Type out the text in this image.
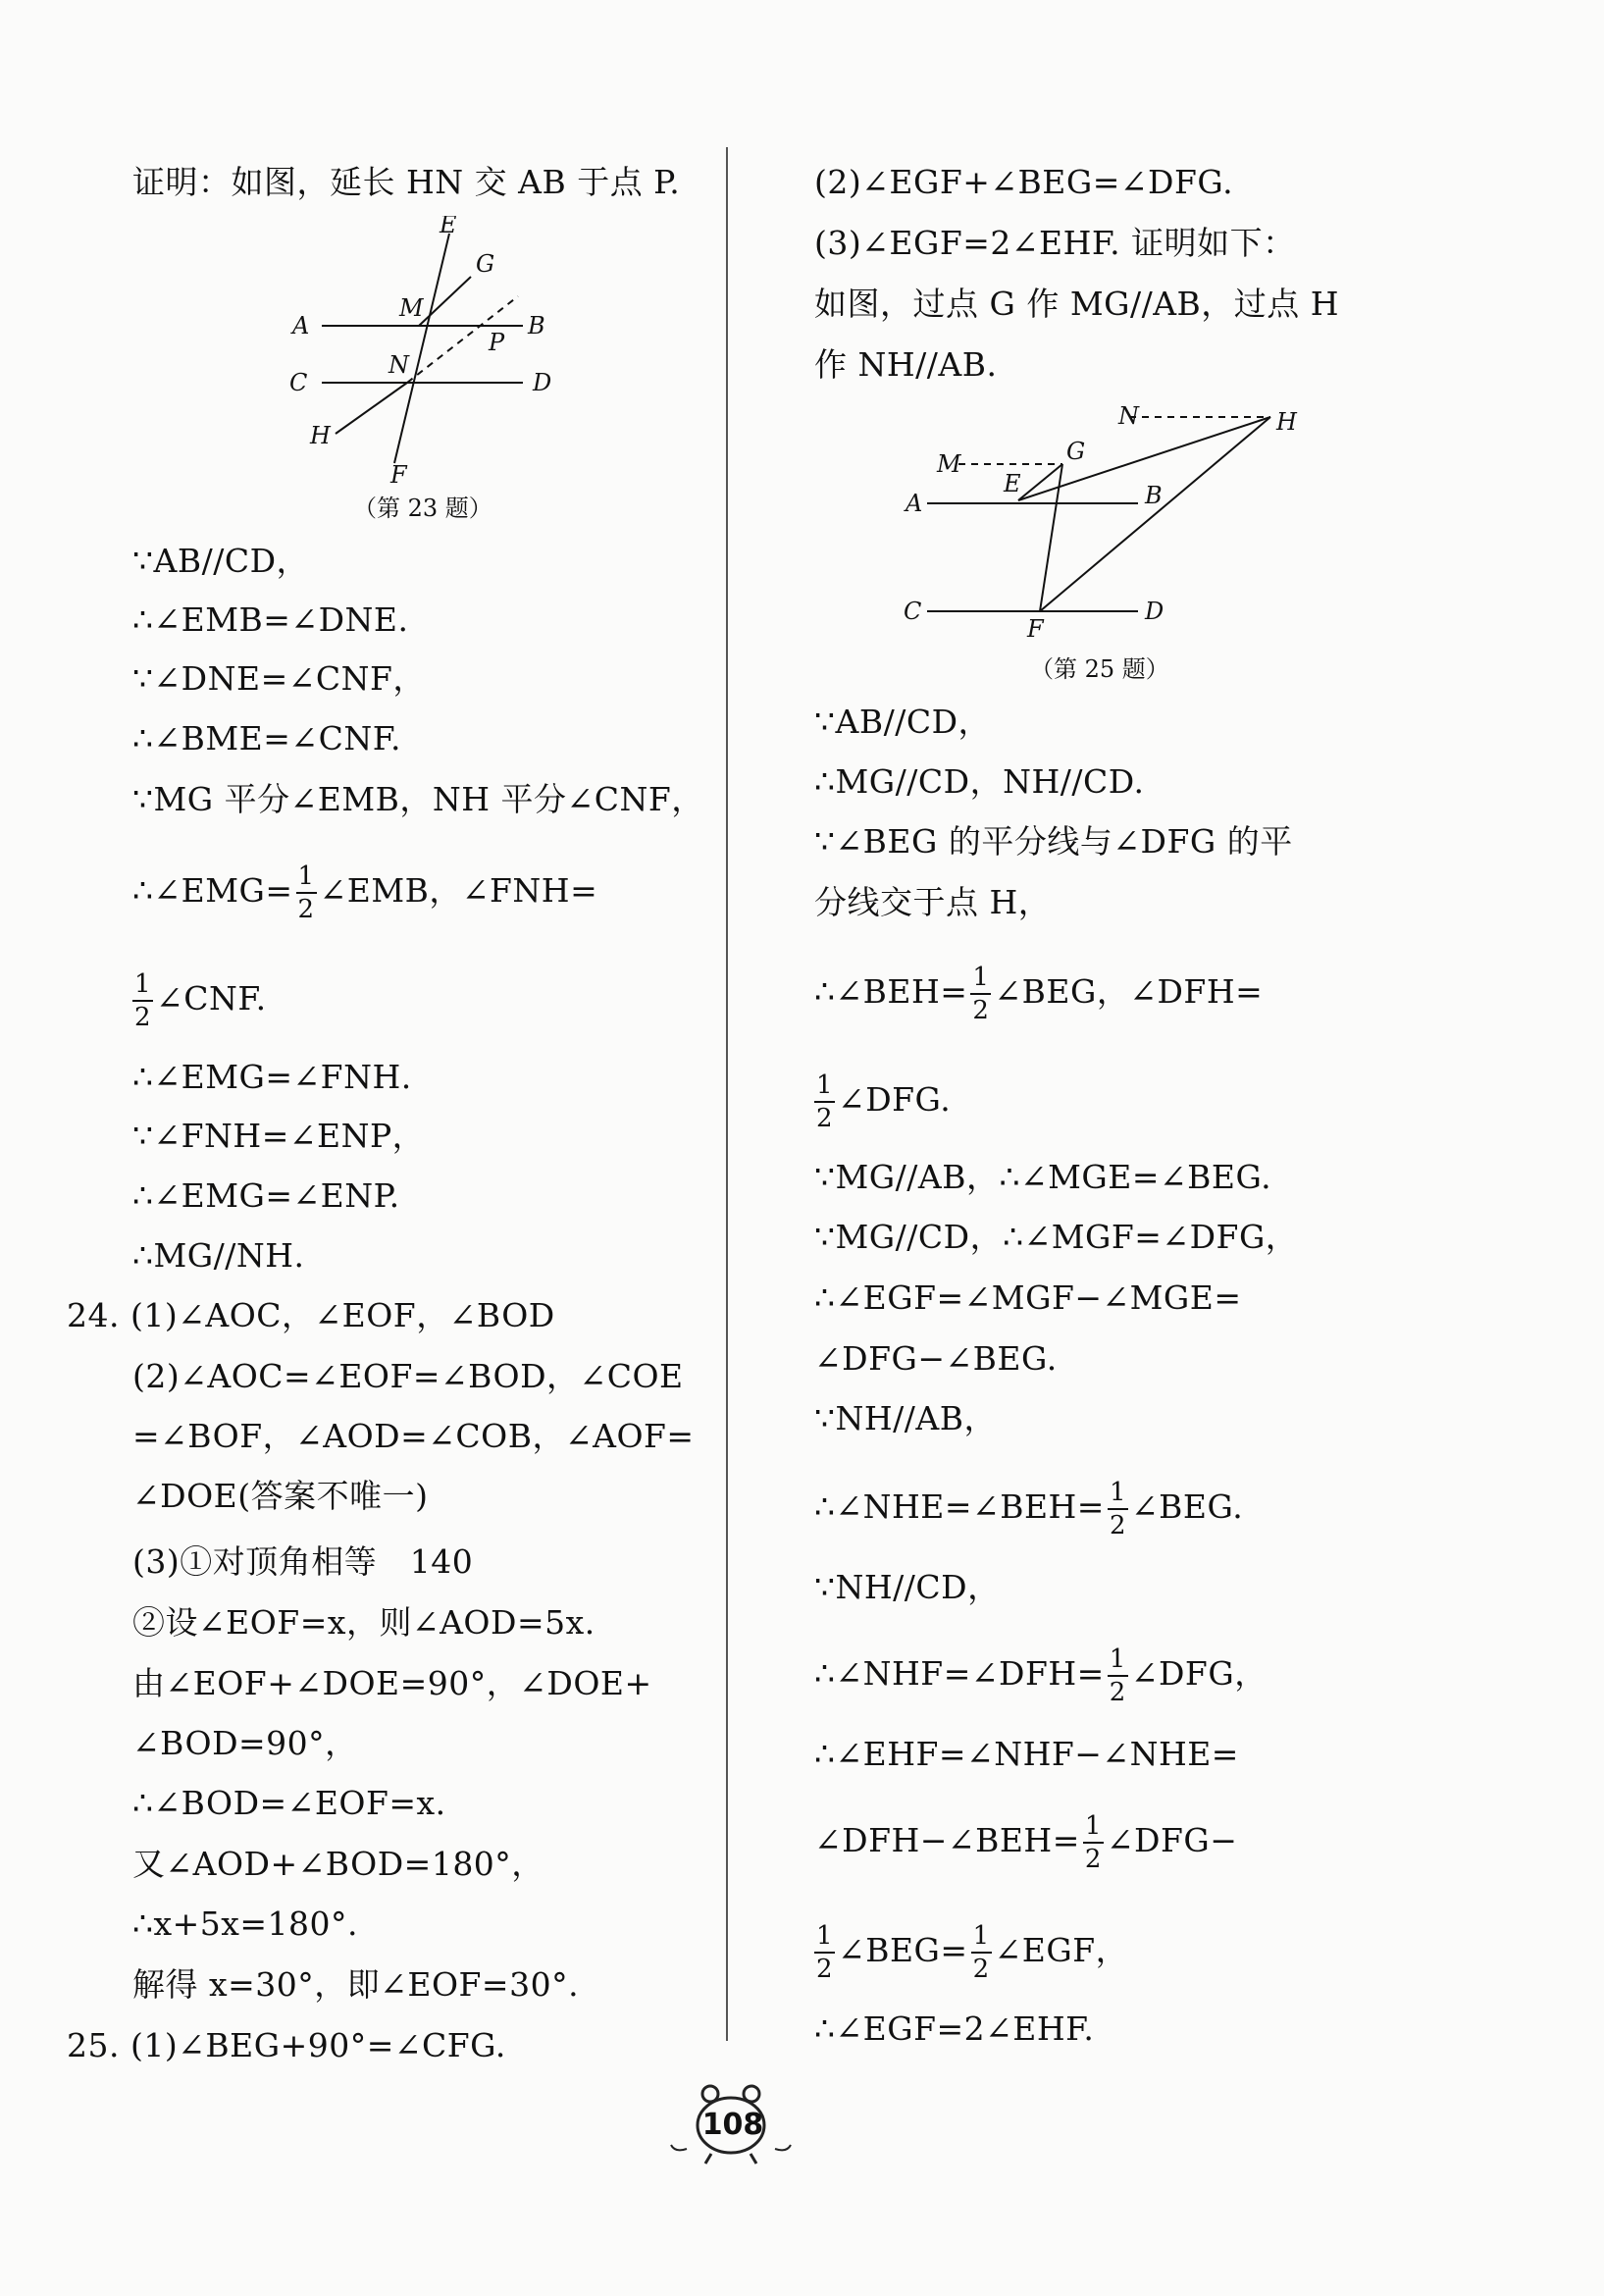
证明：如图，延长 HN 交 AB 于点 P.
E
G
A
M
B
P
C
N
D
H
F
（第 23 题）
∵AB//CD，
∴∠EMB=∠DNE.
∵∠DNE=∠CNF，
∴∠BME=∠CNF.
∵MG 平分∠EMB，NH 平分∠CNF，
∴∠EMG= $\frac{1}{2}$ ∠EMB，∠FNH=
$\frac{1}{2}$ ∠CNF.
∴∠EMG=∠FNH.
∵∠FNH=∠ENP，
∴∠EMG=∠ENP.
∴MG//NH.
24. (1)∠AOC，∠EOF，∠BOD
(2)∠AOC=∠EOF=∠BOD，∠COE
=∠BOF，∠AOD=∠COB，∠AOF=
∠DOE(答案不唯一)
(3)①对顶角相等　140
②设∠EOF=x，则∠AOD=5x.
由∠EOF+∠DOE=90°，∠DOE+
∠BOD=90°，
∴∠BOD=∠EOF=x.
又∠AOD+∠BOD=180°，
∴x+5x=180°.
解得 x=30°，即∠EOF=30°.
25. (1)∠BEG+90°=∠CFG.
(2)∠EGF+∠BEG=∠DFG.
(3)∠EGF=2∠EHF. 证明如下：
如图，过点 G 作 MG//AB，过点 H
作 NH//AB.
N	H
M	G
E
A	B
C	D
F
（第 25 题）
∵AB//CD，
∴MG//CD，NH//CD.
∵∠BEG 的平分线与∠DFG 的平
分线交于点 H，
∴∠BEH= $\frac{1}{2}$ ∠BEG，∠DFH=
$\frac{1}{2}$ ∠DFG.
∵MG//AB，∴∠MGE=∠BEG.
∵MG//CD，∴∠MGF=∠DFG，
∴∠EGF=∠MGF−∠MGE=
∠DFG−∠BEG.
∵NH//AB，
∴∠NHE=∠BEH= $\frac{1}{2}$ ∠BEG.
∵NH//CD，
∴∠NHF=∠DFH= $\frac{1}{2}$ ∠DFG，
∴∠EHF=∠NHF−∠NHE=
∠DFH−∠BEH= $\frac{1}{2}$ ∠DFG−
$\frac{1}{2}$ ∠BEG= $\frac{1}{2}$ ∠EGF，
∴∠EGF=2∠EHF.
108
